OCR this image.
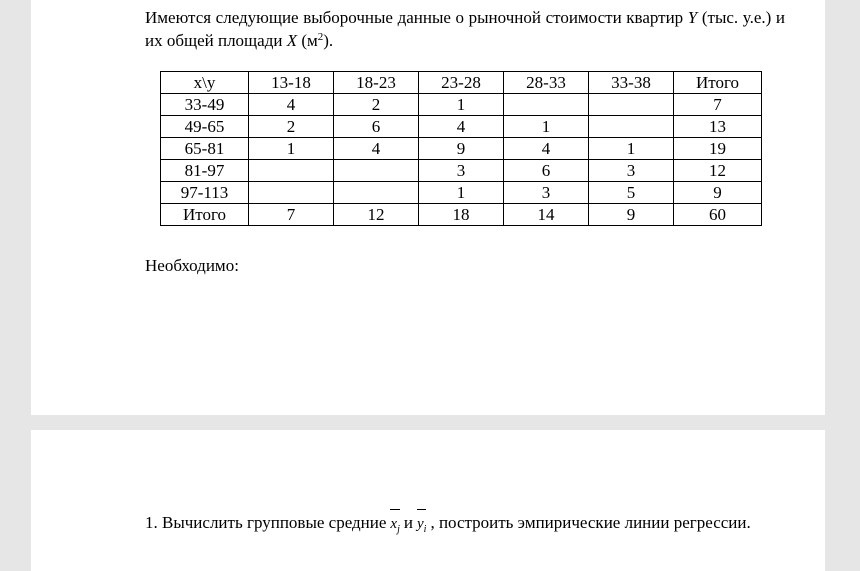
Имеются следующие выборочные данные о рыночной стоимости квартир Y (тыс. у.е.) и их общей площади X $(м^2)$.
x\y	13-18	18-23	23-28	28-33	33-38	Итого
33-49	4	2	1			7
49-65	2	6	4	1		13
65-81	1	4	9	4	1	19
81-97			3	6	3	12
97-113			1	3	5	9
Итого	7	12	18	14	9	60
Необходимо:
1. Вычислить групповые средние $x_j$ и $y_i$ , построить эмпирические линии регрессии.
